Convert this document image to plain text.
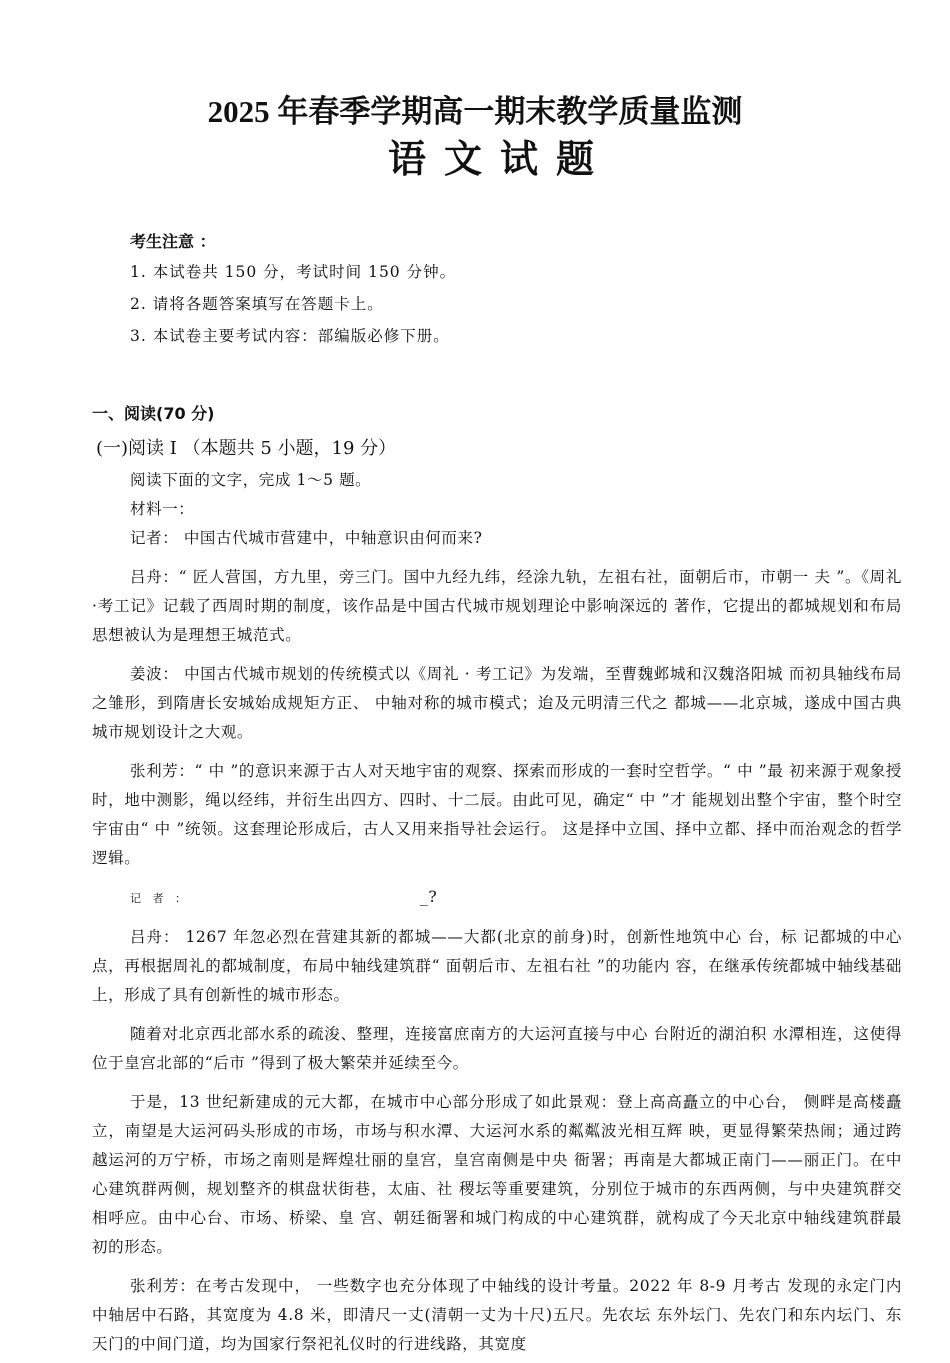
2025 年春季学期高一期末教学质量监测
语文试题
考生注意 ：
1. 本试卷共 150 分，考试时间 150 分钟。
2. 请将各题答案填写在答题卡上。
3. 本试卷主要考试内容：部编版必修下册。
一、阅读(70 分)
(一)阅读 I （本题共 5 小题，19 分）

阅读下面的文字，完成 1～5 题。

材料一：

记者： 中国古代城市营建中，中轴意识由何而来?

吕舟：“ 匠人营国，方九里，旁三门。国中九经九纬，经涂九轨，左祖右社，面朝后市，市朝一 夫 ”。《周礼 ·考工记》记载了西周时期的制度，该作品是中国古代城市规划理论中影响深远的 著作，它提出的都城规划和布局思想被认为是理想王城范式。

姜波： 中国古代城市规划的传统模式以《周礼 · 考工记》为发端，至曹魏邺城和汉魏洛阳城 而初具轴线布局之雏形，到隋唐长安城始成规矩方正、 中轴对称的城市模式；迨及元明清三代之 都城——北京城，遂成中国古典城市规划设计之大观。

张利芳：“ 中 ”的意识来源于古人对天地宇宙的观察、探索而形成的一套时空哲学。“ 中 ”最 初来源于观象授时，地中测影，绳以经纬，并衍生出四方、四时、十二辰。由此可见，确定“ 中 ”才 能规划出整个宇宙，整个时空宇宙由“ 中 ”统领。这套理论形成后，古人又用来指导社会运行。 这是择中立国、择中立都、择中而治观念的哲学逻辑。

记 者 ：	_?

吕舟： 1267 年忽必烈在营建其新的都城——大都(北京的前身)时，创新性地筑中心 台，标 记都城的中心点，再根据周礼的都城制度，布局中轴线建筑群“ 面朝后市、左祖右社 ”的功能内 容，在继承传统都城中轴线基础上，形成了具有创新性的城市形态。

随着对北京西北部水系的疏浚、整理，连接富庶南方的大运河直接与中心 台附近的湖泊积 水潭相连，这使得位于皇宫北部的“后市 ”得到了极大繁荣并延续至今。

于是，13 世纪新建成的元大都，在城市中心部分形成了如此景观：登上高高矗立的中心台， 侧畔是高楼矗立，南望是大运河码头形成的市场，市场与积水潭、大运河水系的粼粼波光相互辉 映，更显得繁荣热闹；通过跨越运河的万宁桥，市场之南则是辉煌壮丽的皇宫，皇宫南侧是中央 衙署；再南是大都城正南门——丽正门。在中心建筑群两侧，规划整齐的棋盘状街巷，太庙、社 稷坛等重要建筑，分别位于城市的东西两侧，与中央建筑群交相呼应。由中心台、市场、桥梁、皇 宫、朝廷衙署和城门构成的中心建筑群，就构成了今天北京中轴线建筑群最初的形态。

张利芳：在考古发现中， 一些数字也充分体现了中轴线的设计考量。2022 年 8-9 月考古 发现的永定门内 中轴居中石路，其宽度为 4.8 米，即清尺一丈(清朝一丈为十尺)五尺。先农坛 东外坛门、先农门和东内坛门、东天门的中间门道，均为国家行祭祀礼仪时的行进线路，其宽度
